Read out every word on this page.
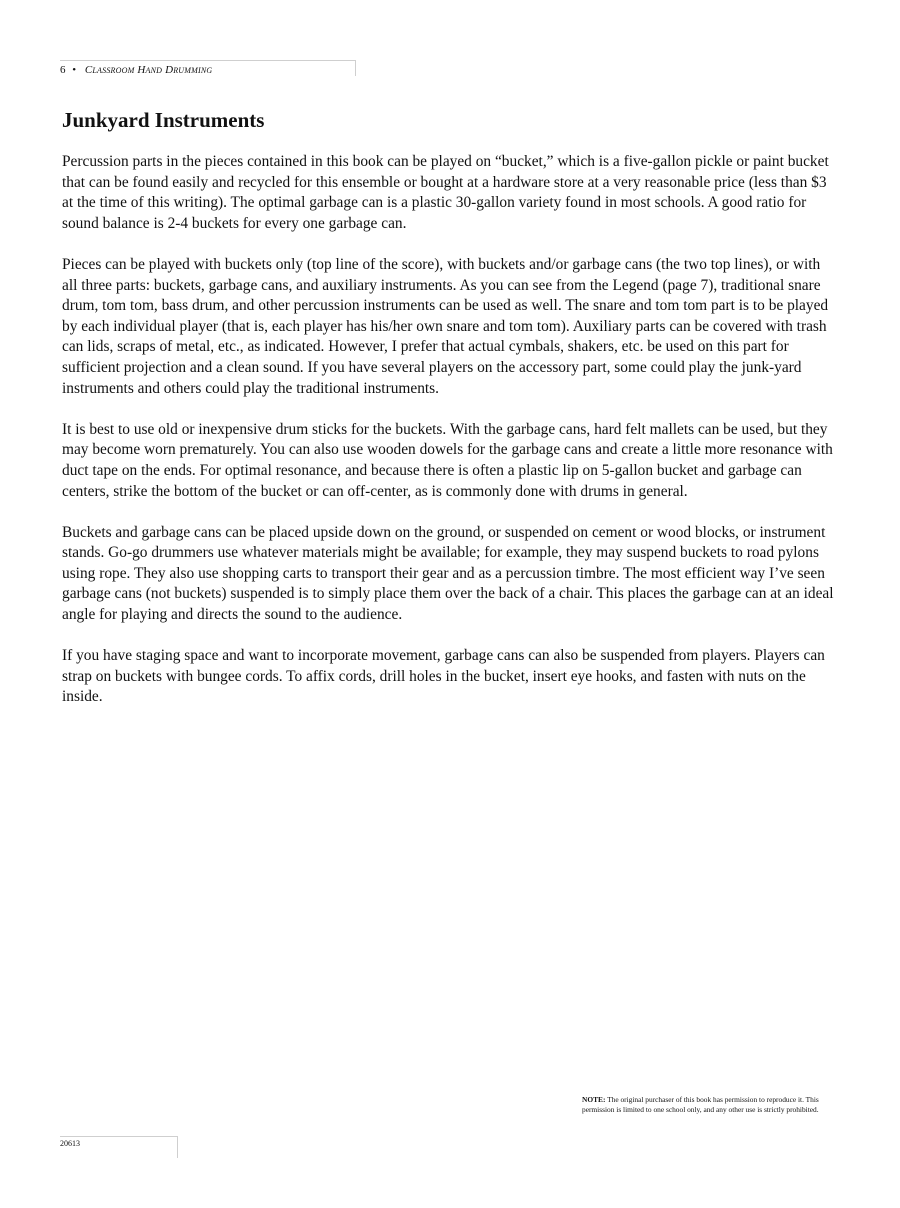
6 • Classroom Hand Drumming
Junkyard Instruments

Percussion parts in the pieces contained in this book can be played on “bucket,” which is a five-gallon pickle or paint bucket that can be found easily and recycled for this ensemble or bought at a hardware store at a very reasonable price (less than $3 at the time of this writing). The optimal garbage can is a plastic 30-gallon variety found in most schools. A good ratio for sound balance is 2-4 buckets for every one garbage can.

Pieces can be played with buckets only (top line of the score), with buckets and/or garbage cans (the two top lines), or with all three parts: buckets, garbage cans, and auxiliary instruments. As you can see from the Legend (page 7), traditional snare drum, tom tom, bass drum, and other percussion instruments can be used as well. The snare and tom tom part is to be played by each individual player (that is, each player has his/her own snare and tom tom). Auxiliary parts can be covered with trash can lids, scraps of metal, etc., as indicated. However, I prefer that actual cymbals, shakers, etc. be used on this part for sufficient projection and a clean sound. If you have several players on the accessory part, some could play the junk-yard instruments and others could play the traditional instruments.

It is best to use old or inexpensive drum sticks for the buckets. With the garbage cans, hard felt mallets can be used, but they may become worn prematurely. You can also use wooden dowels for the garbage cans and create a little more resonance with duct tape on the ends. For optimal resonance, and because there is often a plastic lip on 5-gallon bucket and garbage can centers, strike the bottom of the bucket or can off-center, as is commonly done with drums in general.

Buckets and garbage cans can be placed upside down on the ground, or suspended on cement or wood blocks, or instrument stands. Go-go drummers use whatever materials might be available; for example, they may suspend buckets to road pylons using rope. They also use shopping carts to transport their gear and as a percussion timbre. The most efficient way I’ve seen garbage cans (not buckets) suspended is to simply place them over the back of a chair. This places the garbage can at an ideal angle for playing and directs the sound to the audience.

If you have staging space and want to incorporate movement, garbage cans can also be suspended from players. Players can strap on buckets with bungee cords. To affix cords, drill holes in the bucket, insert eye hooks, and fasten with nuts on the inside.

NOTE: The original purchaser of this book has permission to reproduce it. This permission is limited to one school only, and any other use is strictly prohibited.
20613
